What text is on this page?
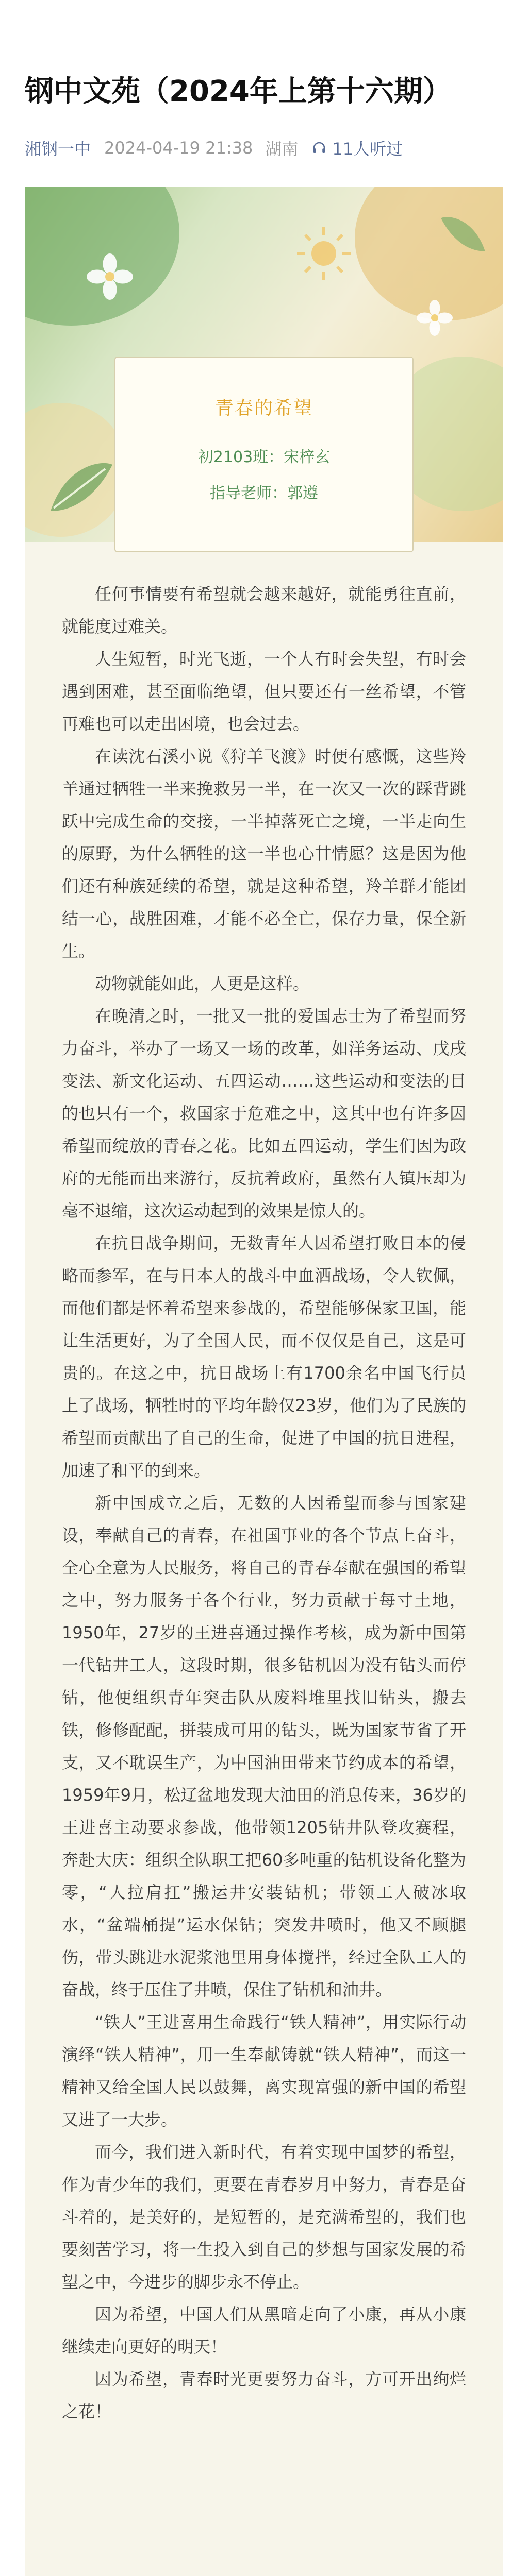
钢中文苑（2024年上第十六期）
湘钢一中 2024-04-19 21:38 湖南 11人听过
青春的希望
初2103班：宋梓玄
指导老师：郭遵

任何事情要有希望就会越来越好，就能勇往直前，就能度过难关。

人生短暂，时光飞逝，一个人有时会失望，有时会遇到困难，甚至面临绝望，但只要还有一丝希望，不管再难也可以走出困境，也会过去。

在读沈石溪小说《狩羊飞渡》时便有感慨，这些羚羊通过牺牲一半来挽救另一半，在一次又一次的踩背跳跃中完成生命的交接，一半掉落死亡之境，一半走向生的原野，为什么牺牲的这一半也心甘情愿？这是因为他们还有种族延续的希望，就是这种希望，羚羊群才能团结一心，战胜困难，才能不必全亡，保存力量，保全新生。

动物就能如此，人更是这样。

在晚清之时，一批又一批的爱国志士为了希望而努力奋斗，举办了一场又一场的改革，如洋务运动、戊戌变法、新文化运动、五四运动……这些运动和变法的目的也只有一个，救国家于危难之中，这其中也有许多因希望而绽放的青春之花。比如五四运动，学生们因为政府的无能而出来游行，反抗着政府，虽然有人镇压却为毫不退缩，这次运动起到的效果是惊人的。

在抗日战争期间，无数青年人因希望打败日本的侵略而参军，在与日本人的战斗中血洒战场，令人钦佩，而他们都是怀着希望来参战的，希望能够保家卫国，能让生活更好，为了全国人民，而不仅仅是自己，这是可贵的。在这之中，抗日战场上有1700余名中国飞行员上了战场，牺牲时的平均年龄仅23岁，他们为了民族的希望而贡献出了自己的生命，促进了中国的抗日进程，加速了和平的到来。

新中国成立之后，无数的人因希望而参与国家建设，奉献自己的青春，在祖国事业的各个节点上奋斗，全心全意为人民服务，将自己的青春奉献在强国的希望之中，努力服务于各个行业，努力贡献于每寸土地，1950年，27岁的王进喜通过操作考核，成为新中国第一代钻井工人，这段时期，很多钻机因为没有钻头而停钻，他便组织青年突击队从废料堆里找旧钻头，搬去铁，修修配配，拼装成可用的钻头，既为国家节省了开支，又不耽误生产，为中国油田带来节约成本的希望，1959年9月，松辽盆地发现大油田的消息传来，36岁的王进喜主动要求参战，他带领1205钻井队登攻赛程，奔赴大庆：组织全队职工把60多吨重的钻机设备化整为零，“人拉肩扛”搬运井安装钻机；带领工人破冰取水，“盆端桶提”运水保钻；突发井喷时，他又不顾腿伤，带头跳进水泥浆池里用身体搅拌，经过全队工人的奋战，终于压住了井喷，保住了钻机和油井。

“铁人”王进喜用生命践行“铁人精神”，用实际行动演绎“铁人精神”，用一生奉献铸就“铁人精神”，而这一精神又给全国人民以鼓舞，离实现富强的新中国的希望又进了一大步。

而今，我们进入新时代，有着实现中国梦的希望，作为青少年的我们，更要在青春岁月中努力，青春是奋斗着的，是美好的，是短暂的，是充满希望的，我们也要刻苦学习，将一生投入到自己的梦想与国家发展的希望之中，今进步的脚步永不停止。

因为希望，中国人们从黑暗走向了小康，再从小康继续走向更好的明天！

因为希望，青春时光更要努力奋斗，方可开出绚烂之花！
